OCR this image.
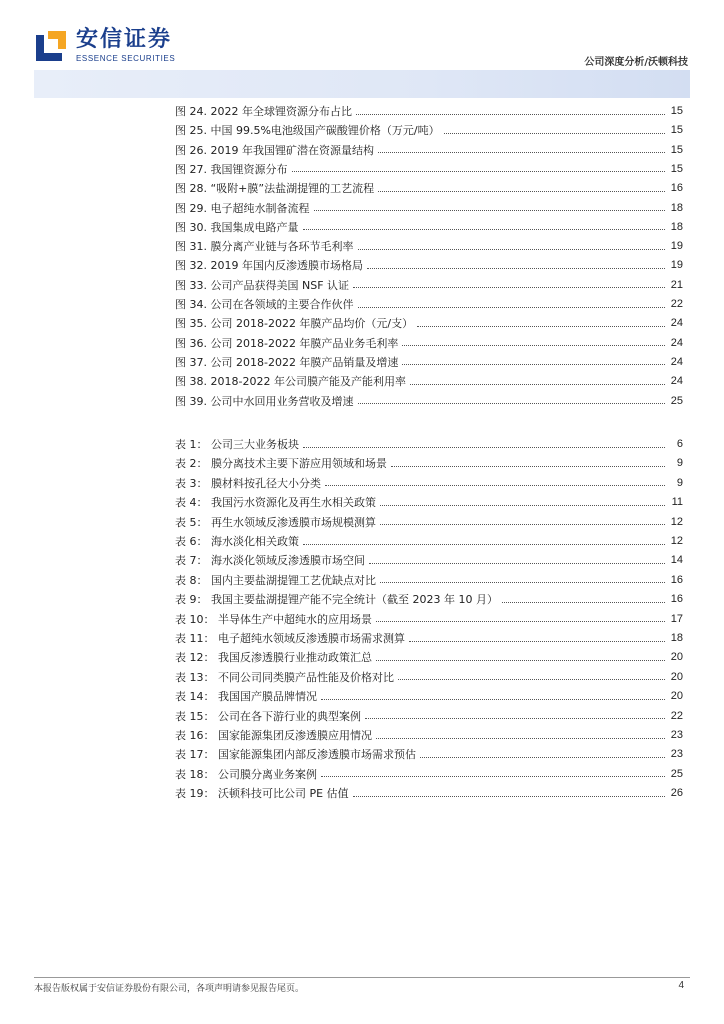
安信证券
ESSENCE SECURITIES	公司深度分析/沃顿科技
图 24. 2022 年全球锂资源分布占比	15
图 25. 中国 99.5%电池级国产碳酸锂价格（万元/吨）	15
图 26. 2019 年我国锂矿潜在资源量结构	15
图 27. 我国锂资源分布	15
图 28. “吸附+膜”法盐湖提锂的工艺流程	16
图 29. 电子超纯水制备流程	18
图 30. 我国集成电路产量	18
图 31. 膜分离产业链与各环节毛利率	19
图 32. 2019 年国内反渗透膜市场格局	19
图 33. 公司产品获得美国 NSF 认证	21
图 34. 公司在各领域的主要合作伙伴	22
图 35. 公司 2018-2022 年膜产品均价（元/支）	24
图 36. 公司 2018-2022 年膜产品业务毛利率	24
图 37. 公司 2018-2022 年膜产品销量及增速	24
图 38. 2018-2022 年公司膜产能及产能利用率	24
图 39. 公司中水回用业务营收及增速	25
表 1： 公司三大业务板块	6
表 2： 膜分离技术主要下游应用领域和场景	9
表 3： 膜材料按孔径大小分类	9
表 4： 我国污水资源化及再生水相关政策	11
表 5： 再生水领域反渗透膜市场规模测算	12
表 6： 海水淡化相关政策	12
表 7： 海水淡化领域反渗透膜市场空间	14
表 8： 国内主要盐湖提锂工艺优缺点对比	16
表 9： 我国主要盐湖提锂产能不完全统计（截至 2023 年 10 月）	16
表 10： 半导体生产中超纯水的应用场景	17
表 11： 电子超纯水领域反渗透膜市场需求测算	18
表 12： 我国反渗透膜行业推动政策汇总	20
表 13： 不同公司同类膜产品性能及价格对比	20
表 14： 我国国产膜品牌情况	20
表 15： 公司在各下游行业的典型案例	22
表 16： 国家能源集团反渗透膜应用情况	23
表 17： 国家能源集团内部反渗透膜市场需求预估	23
表 18： 公司膜分离业务案例	25
表 19： 沃顿科技可比公司 PE 估值	26
本报告版权属于安信证券股份有限公司，各项声明请参见报告尾页。	4
